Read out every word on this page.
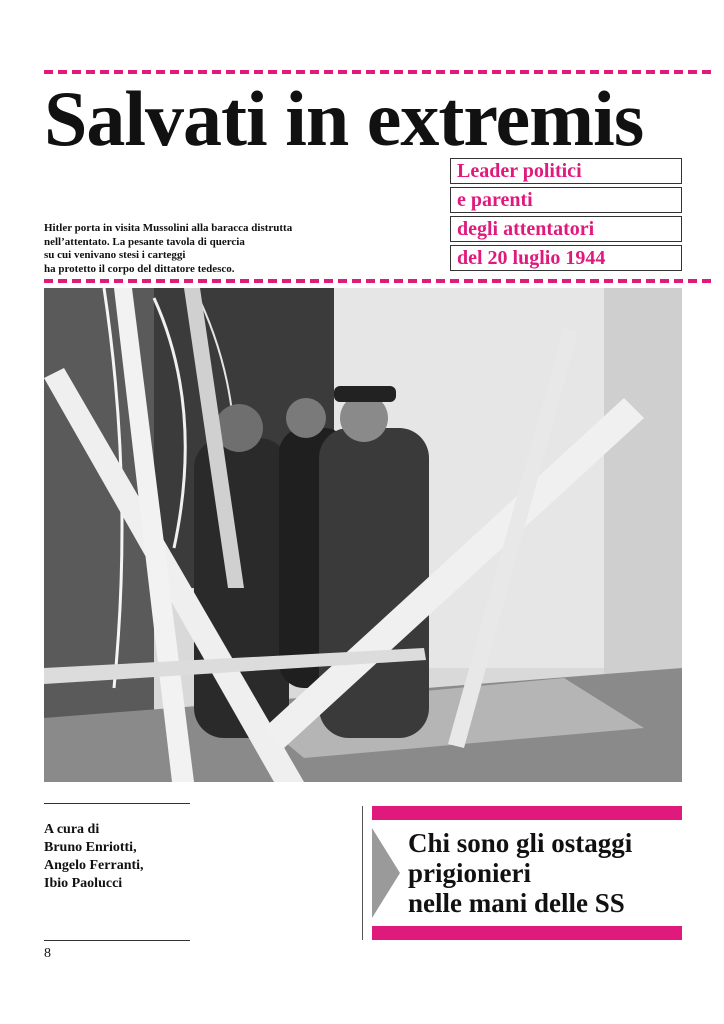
Salvati in extremis
Leader politici
e parenti
degli attentatori
del 20 luglio 1944
Hitler porta in visita Mussolini alla baracca distrutta
nell’attentato. La pesante tavola di quercia
su cui venivano stesi i carteggi
ha protetto il corpo del dittatore tedesco.
A cura di
Bruno Enriotti,
Angelo Ferranti,
Ibio Paolucci
8
Chi sono gli ostaggi
prigionieri
nelle mani delle SS
